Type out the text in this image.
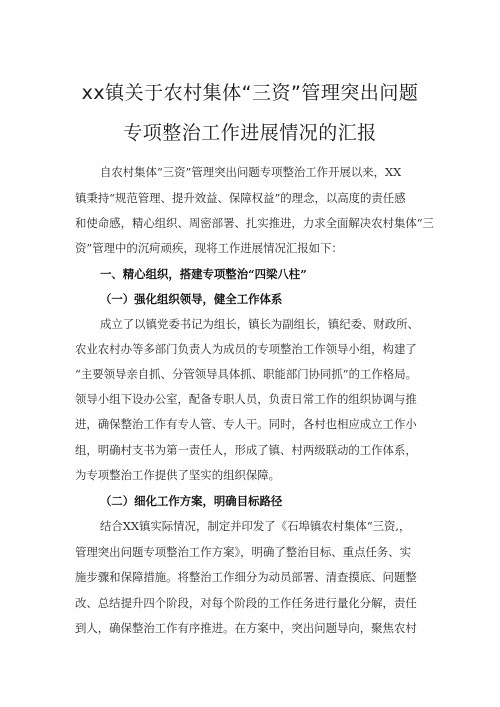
xx镇关于农村集体“三资”管理突出问题
专项整治工作进展情况的汇报
自农村集体“三资”管理突出问题专项整治工作开展以来，XX
镇秉持“规范管理、提升效益、保障权益”的理念，以高度的责任感
和使命感，精心组织、周密部署、扎实推进，力求全面解决农村集体“三
资”管理中的沉疴顽疾，现将工作进展情况汇报如下：
一、精心组织，搭建专项整治“四梁八柱”
（一）强化组织领导，健全工作体系
成立了以镇党委书记为组长，镇长为副组长，镇纪委、财政所、
农业农村办等多部门负责人为成员的专项整治工作领导小组，构建了
“主要领导亲自抓、分管领导具体抓、职能部门协同抓”的工作格局。
领导小组下设办公室，配备专职人员，负责日常工作的组织协调与推
进，确保整治工作有专人管、专人干。同时，各村也相应成立工作小
组，明确村支书为第一责任人，形成了镇、村两级联动的工作体系，
为专项整治工作提供了坚实的组织保障。
（二）细化工作方案，明确目标路径
结合XX镇实际情况，制定并印发了《石埠镇农村集体“三资,，
管理突出问题专项整治工作方案》，明确了整治目标、重点任务、实
施步骤和保障措施。将整治工作细分为动员部署、清查摸底、问题整
改、总结提升四个阶段，对每个阶段的工作任务进行量化分解，责任
到人，确保整治工作有序推进。在方案中，突出问题导向，聚焦农村
